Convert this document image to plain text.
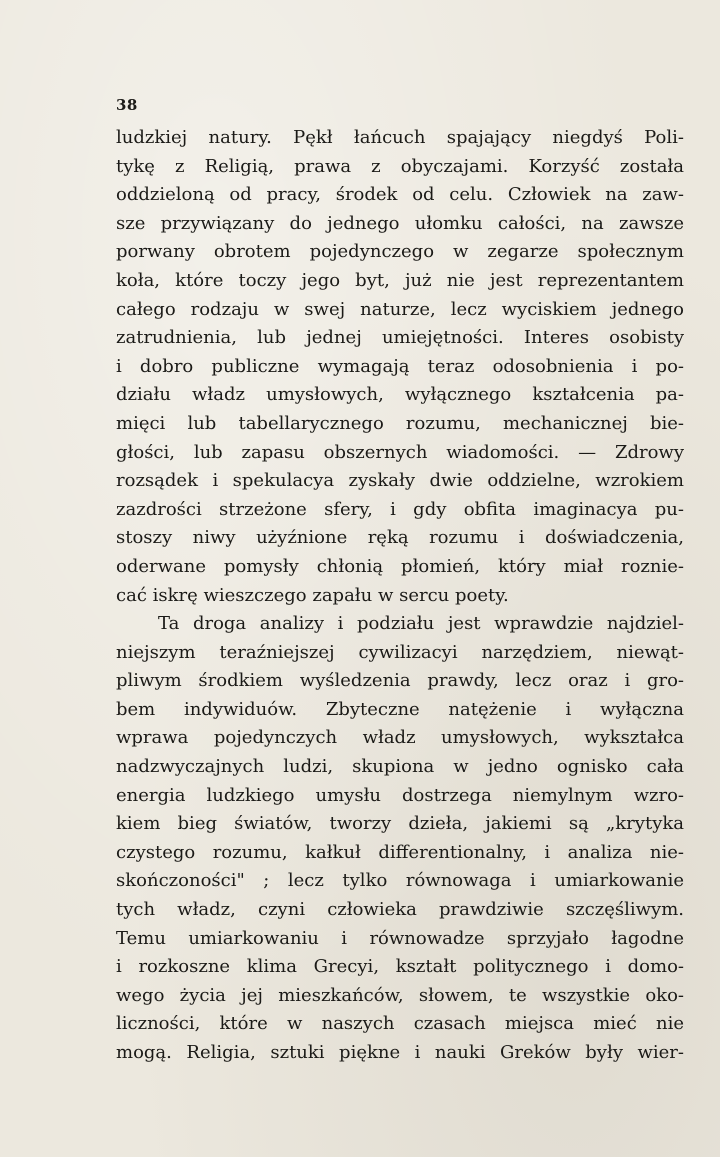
38
ludzkiej natury. Pękł łańcuch spajający niegdyś Poli-
tykę z Religią, prawa z obyczajami. Korzyść została
oddzieloną od pracy, środek od celu. Człowiek na zaw-
sze przywiązany do jednego ułomku całości, na zawsze
porwany obrotem pojedynczego w zegarze społecznym
koła, które toczy jego byt, już nie jest reprezentantem
całego rodzaju w swej naturze, lecz wyciskiem jednego
zatrudnienia, lub jednej umiejętności. Interes osobisty
i dobro publiczne wymagają teraz odosobnienia i po-
działu władz umysłowych, wyłącznego kształcenia pa-
mięci lub tabellarycznego rozumu, mechanicznej bie-
głości, lub zapasu obszernych wiadomości. — Zdrowy
rozsądek i spekulacya zyskały dwie oddzielne, wzrokiem
zazdrości strzeżone sfery, i gdy obfita imaginacya pu-
stoszy niwy użyźnione ręką rozumu i doświadczenia,
oderwane pomysły chłonią płomień, który miał roznie-
cać iskrę wieszczego zapału w sercu poety.
Ta droga analizy i podziału jest wprawdzie najdziel-
niejszym teraźniejszej cywilizacyi narzędziem, niewąt-
pliwym środkiem wyśledzenia prawdy, lecz oraz i gro-
bem indywiduów. Zbyteczne natężenie i wyłączna
wprawa pojedynczych władz umysłowych, wykształca
nadzwyczajnych ludzi, skupiona w jedno ognisko cała
energia ludzkiego umysłu dostrzega niemylnym wzro-
kiem bieg światów, tworzy dzieła, jakiemi są „krytyka
czystego rozumu, kałkuł differentionalny, i analiza nie-
skończoności" ; lecz tylko równowaga i umiarkowanie
tych władz, czyni człowieka prawdziwie szczęśliwym.
Temu umiarkowaniu i równowadze sprzyjało łagodne
i rozkoszne klima Grecyi, kształt politycznego i domo-
wego życia jej mieszkańców, słowem, te wszystkie oko-
liczności, które w naszych czasach miejsca mieć nie
mogą. Religia, sztuki piękne i nauki Greków były wier-
